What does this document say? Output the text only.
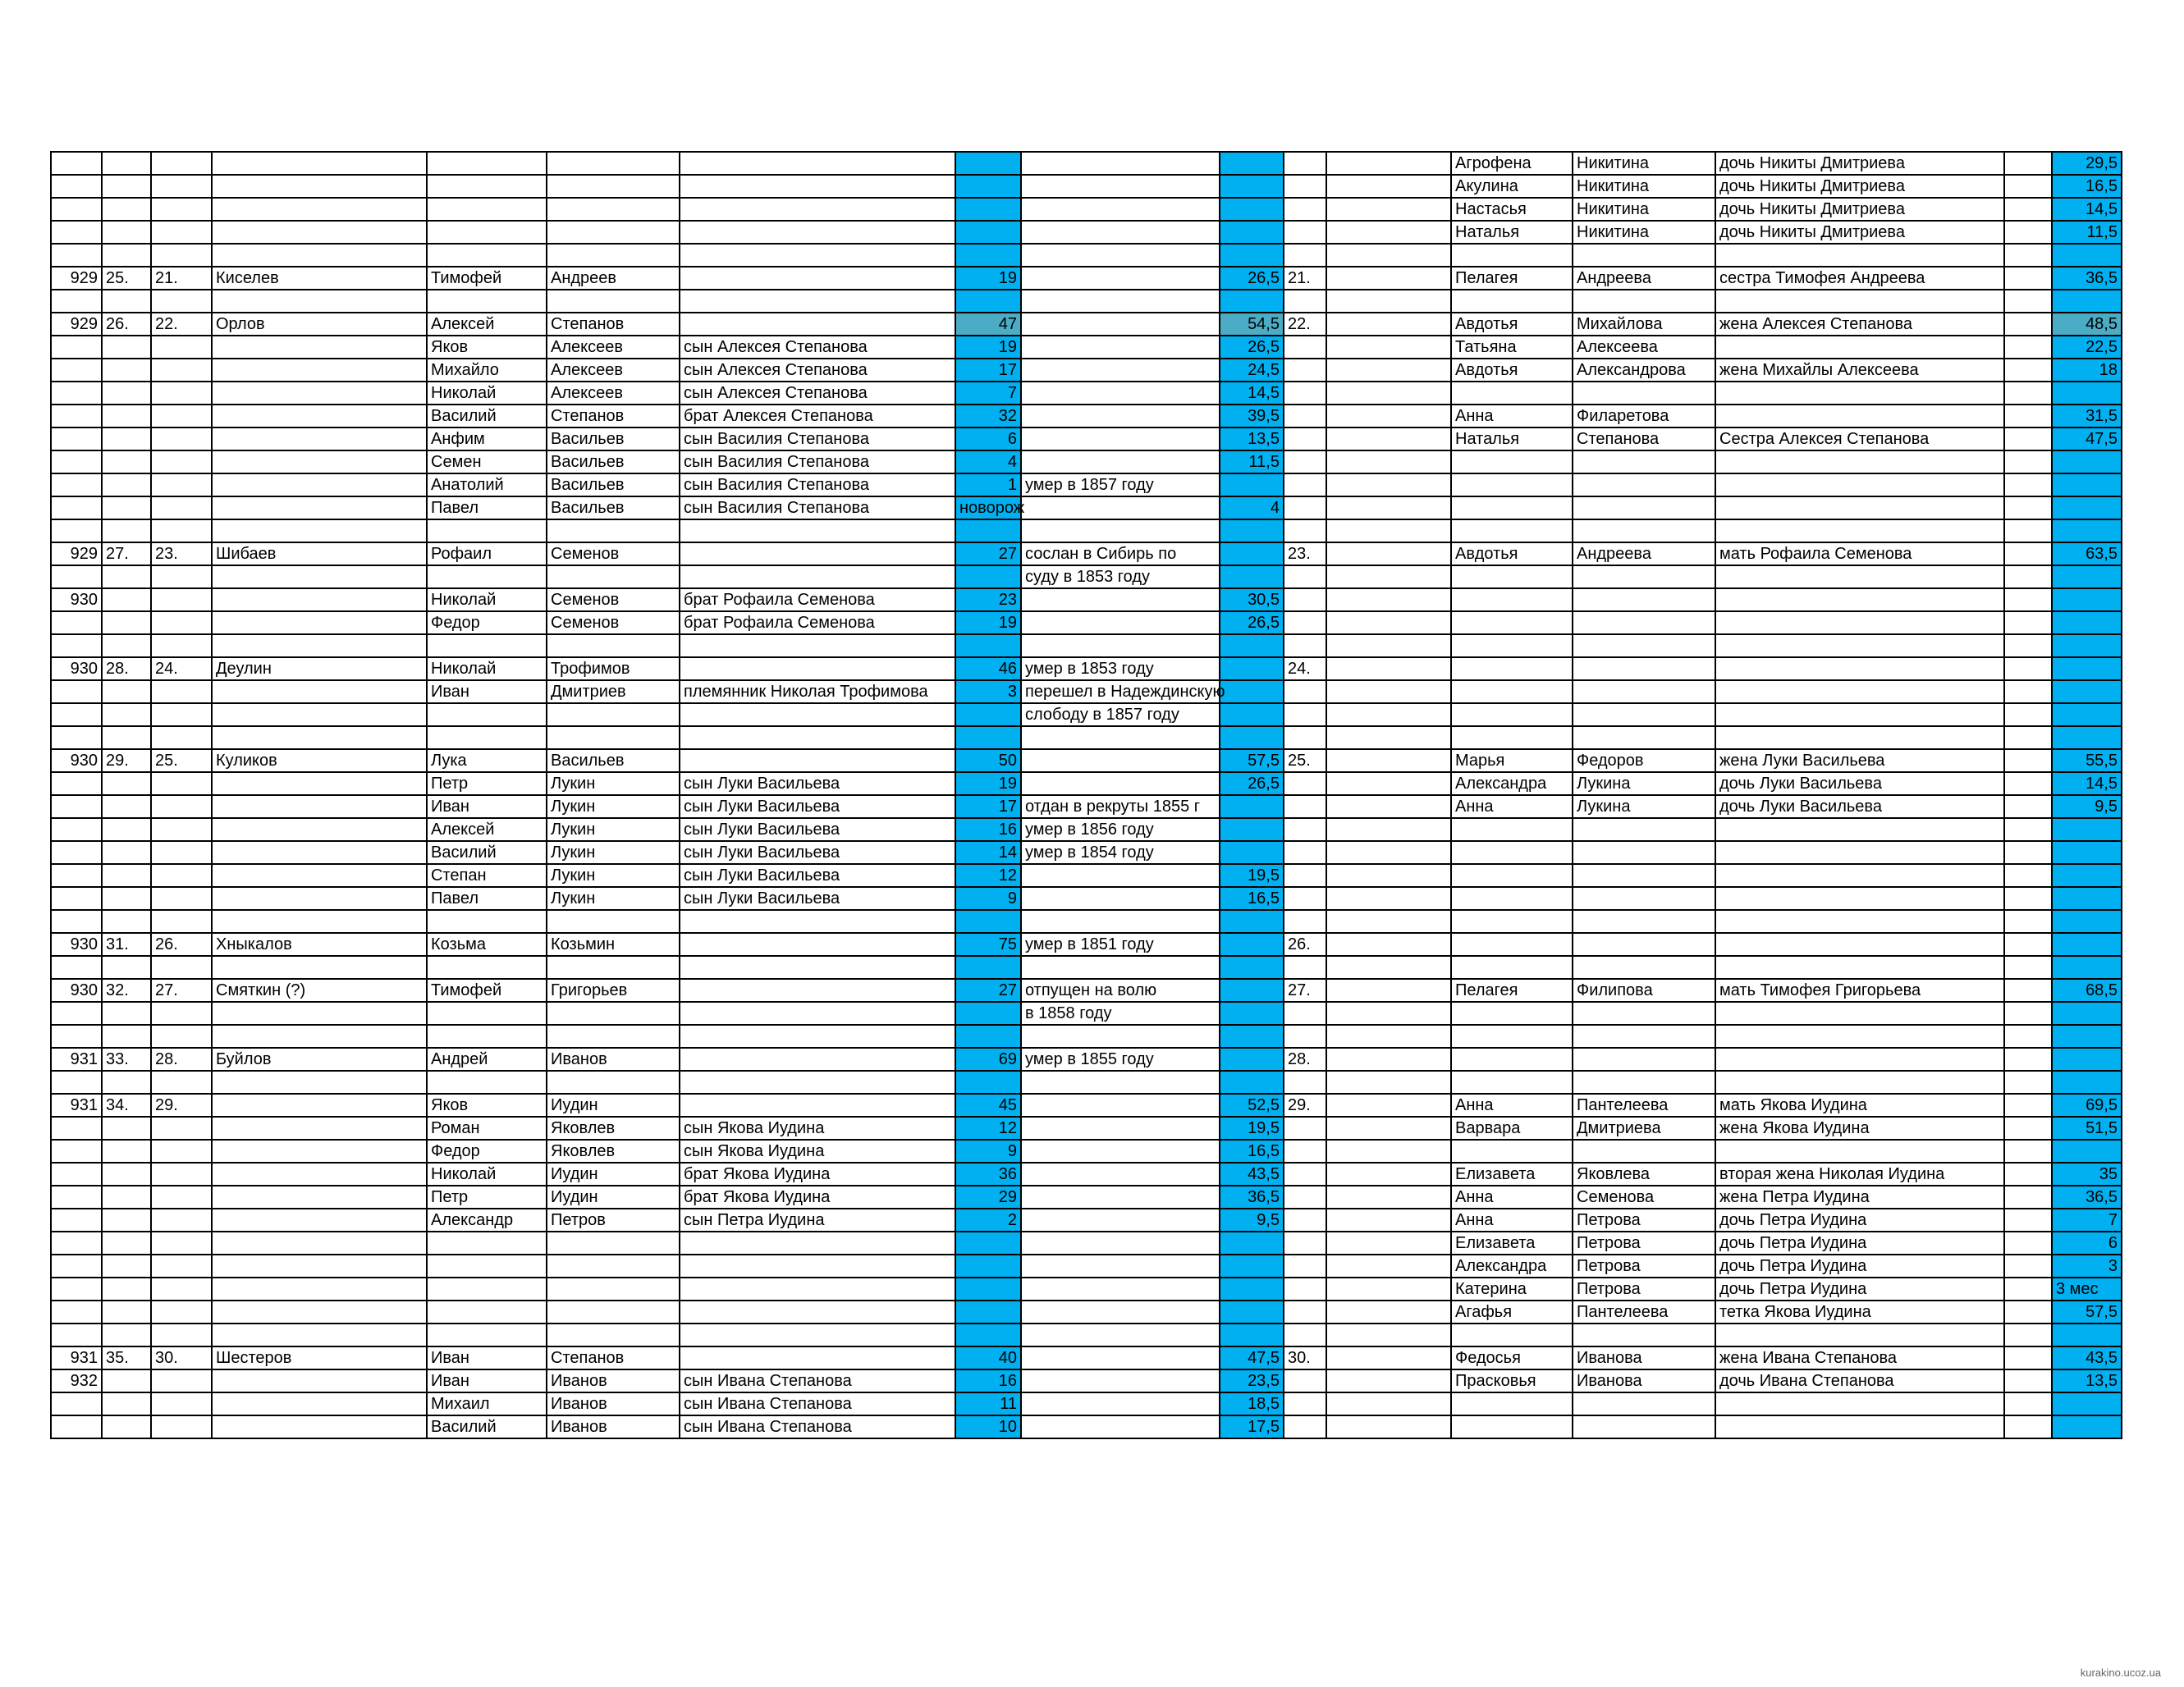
												Агрофена	Никитина	дочь Никиты Дмитриева		29,5
												Акулина	Никитина	дочь Никиты Дмитриева		16,5
												Настасья	Никитина	дочь Никиты Дмитриева		14,5
												Наталья	Никитина	дочь Никиты Дмитриева		11,5

929	25.	21.	Киселев	Тимофей	Андреев		19		26,5	21.		Пелагея	Андреева	сестра Тимофея Андреева		36,5

929	26.	22.	Орлов	Алексей	Степанов		47		54,5	22.		Авдотья	Михайлова	жена Алексея Степанова		48,5
				Яков	Алексеев	сын Алексея Степанова	19		26,5			Татьяна	Алексеева			22,5
				Михайло	Алексеев	сын Алексея Степанова	17		24,5			Авдотья	Александрова	жена Михайлы Алексеева		18
				Николай	Алексеев	сын Алексея Степанова	7		14,5							
				Василий	Степанов	брат Алексея Степанова	32		39,5			Анна	Филаретова			31,5
				Анфим	Васильев	сын Василия Степанова	6		13,5			Наталья	Степанова	Сестра Алексея Степанова		47,5
				Семен	Васильев	сын Василия Степанова	4		11,5							
				Анатолий	Васильев	сын Василия Степанова	1	умер в 1857 году								
				Павел	Васильев	сын Василия Степанова	новорож		4							

929	27.	23.	Шибаев	Рофаил	Семенов		27	сослан в Сибирь по		23.		Авдотья	Андреева	мать Рофаила Семенова		63,5
								суду в 1853 году								
930				Николай	Семенов	брат Рофаила Семенова	23		30,5							
				Федор	Семенов	брат Рофаила Семенова	19		26,5							

930	28.	24.	Деулин	Николай	Трофимов		46	умер в 1853 году		24.						
				Иван	Дмитриев	племянник Николая Трофимова	3	перешел в Надеждинскую								
								слободу в 1857 году								

930	29.	25.	Куликов	Лука	Васильев		50		57,5	25.		Марья	Федоров	жена Луки Васильева		55,5
				Петр	Лукин	сын Луки Васильева	19		26,5			Александра	Лукина	дочь Луки Васильева		14,5
				Иван	Лукин	сын Луки Васильева	17	отдан в рекруты 1855 г				Анна	Лукина	дочь Луки Васильева		9,5
				Алексей	Лукин	сын Луки Васильева	16	умер в 1856 году								
				Василий	Лукин	сын Луки Васильева	14	умер в 1854 году								
				Степан	Лукин	сын Луки Васильева	12		19,5							
				Павел	Лукин	сын Луки Васильева	9		16,5							

930	31.	26.	Хныкалов	Козьма	Козьмин		75	умер в 1851 году		26.						

930	32.	27.	Смяткин (?)	Тимофей	Григорьев		27	отпущен на волю		27.		Пелагея	Филипова	мать Тимофея Григорьева		68,5
								в 1858 году								

931	33.	28.	Буйлов	Андрей	Иванов		69	умер в 1855 году		28.						

931	34.	29.		Яков	Иудин		45		52,5	29.		Анна	Пантелеева	мать Якова Иудина		69,5
				Роман	Яковлев	сын Якова Иудина	12		19,5			Варвара	Дмитриева	жена Якова Иудина		51,5
				Федор	Яковлев	сын Якова Иудина	9		16,5							
				Николай	Иудин	брат Якова Иудина	36		43,5			Елизавета	Яковлева	вторая жена Николая Иудина		35
				Петр	Иудин	брат Якова Иудина	29		36,5			Анна	Семенова	жена Петра Иудина		36,5
				Александр	Петров	сын Петра Иудина	2		9,5			Анна	Петрова	дочь Петра Иудина		7
												Елизавета	Петрова	дочь Петра Иудина		6
												Александра	Петрова	дочь Петра Иудина		3
												Катерина	Петрова	дочь Петра Иудина		3 мес
												Агафья	Пантелеева	тетка Якова Иудина		57,5

931	35.	30.	Шестеров	Иван	Степанов		40		47,5	30.		Федосья	Иванова	жена Ивана Степанова		43,5
932				Иван	Иванов	сын Ивана Степанова	16		23,5			Прасковья	Иванова	дочь Ивана Степанова		13,5
				Михаил	Иванов	сын Ивана Степанова	11		18,5							
				Василий	Иванов	сын Ивана Степанова	10		17,5							
kurakino.ucoz.ua
